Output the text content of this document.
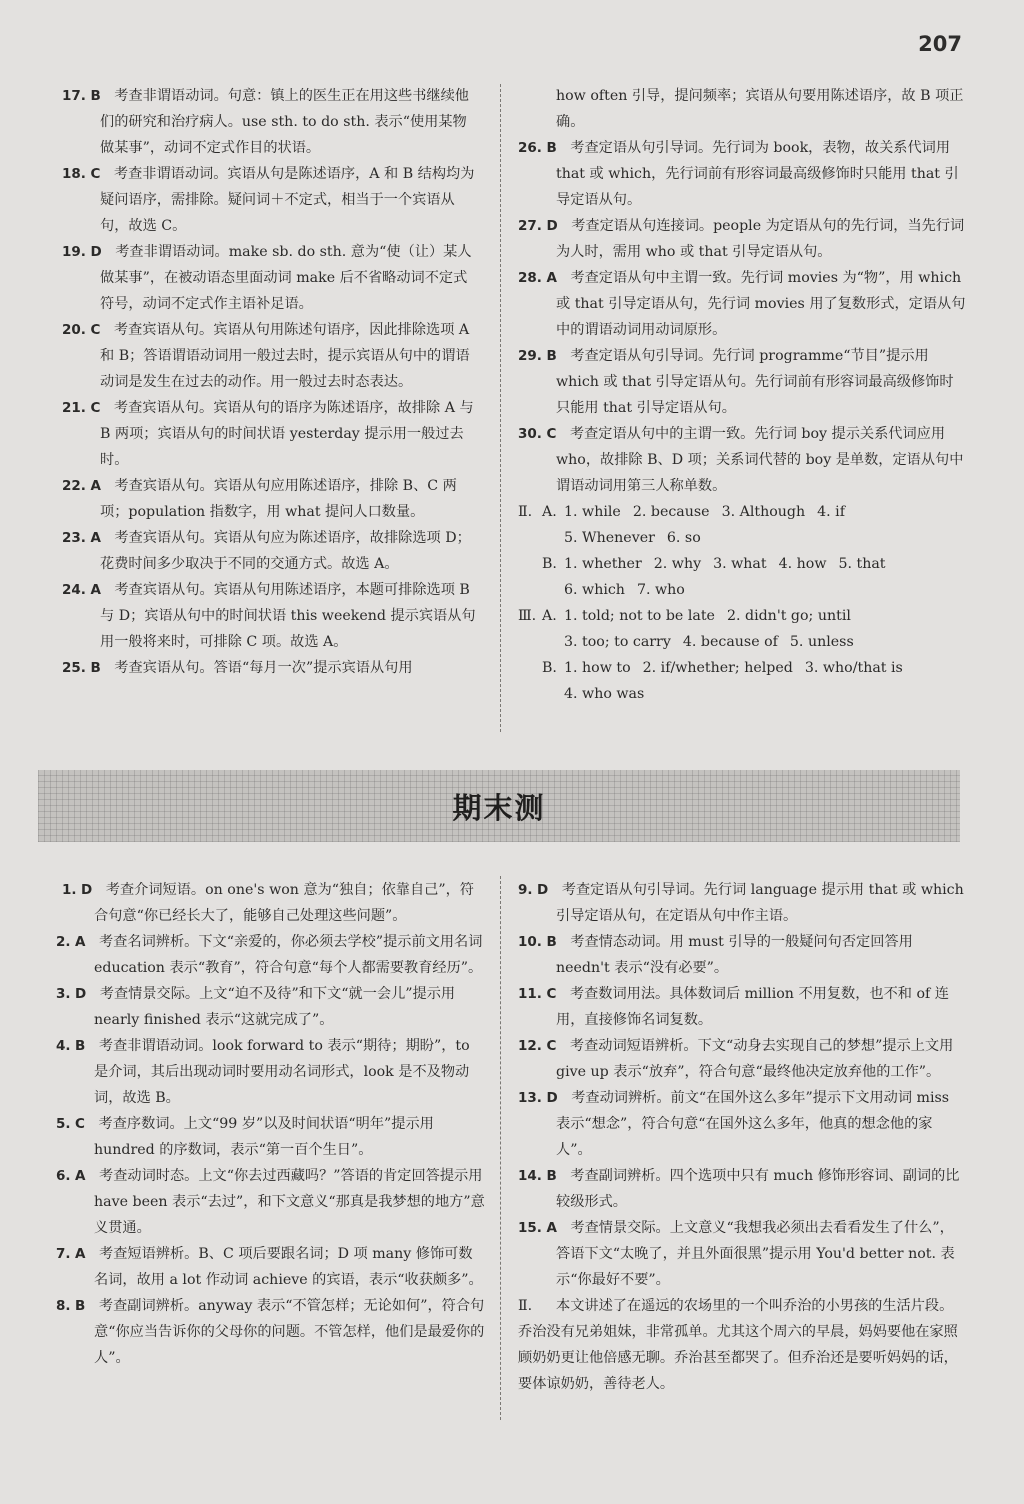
207

17. B 考查非谓语动词。句意：镇上的医生正在用这些书继续他们的研究和治疗病人。use sth. to do sth. 表示“使用某物做某事”，动词不定式作目的状语。

18. C 考查非谓语动词。宾语从句是陈述语序，A 和 B 结构均为疑问语序，需排除。疑问词＋不定式，相当于一个宾语从句，故选 C。

19. D 考查非谓语动词。make sb. do sth. 意为“使（让）某人做某事”，在被动语态里面动词 make 后不省略动词不定式符号，动词不定式作主语补足语。

20. C 考查宾语从句。宾语从句用陈述句语序，因此排除选项 A 和 B；答语谓语动词用一般过去时，提示宾语从句中的谓语动词是发生在过去的动作。用一般过去时态表达。

21. C 考查宾语从句。宾语从句的语序为陈述语序，故排除 A 与 B 两项；宾语从句的时间状语 yesterday 提示用一般过去时。

22. A 考查宾语从句。宾语从句应用陈述语序，排除 B、C 两项；population 指数字，用 what 提问人口数量。

23. A 考查宾语从句。宾语从句应为陈述语序，故排除选项 D；花费时间多少取决于不同的交通方式。故选 A。

24. A 考查宾语从句。宾语从句用陈述语序，本题可排除选项 B 与 D；宾语从句中的时间状语 this weekend 提示宾语从句用一般将来时，可排除 C 项。故选 A。

25. B 考查宾语从句。答语“每月一次”提示宾语从句用

how often 引导，提问频率；宾语从句要用陈述语序，故 B 项正确。

26. B 考查定语从句引导词。先行词为 book，表物，故关系代词用 that 或 which，先行词前有形容词最高级修饰时只能用 that 引导定语从句。

27. D 考查定语从句连接词。people 为定语从句的先行词，当先行词为人时，需用 who 或 that 引导定语从句。

28. A 考查定语从句中主谓一致。先行词 movies 为“物”，用 which 或 that 引导定语从句，先行词 movies 用了复数形式，定语从句中的谓语动词用动词原形。

29. B 考查定语从句引导词。先行词 programme“节目”提示用 which 或 that 引导定语从句。先行词前有形容词最高级修饰时只能用 that 引导定语从句。

30. C 考查定语从句中的主谓一致。先行词 boy 提示关系代词应用 who，故排除 B、D 项；关系词代替的 boy 是单数，定语从句中谓语动词用第三人称单数。

Ⅱ. A. 1. while 2. because 3. Although 4. if

5. Whenever 6. so

B. 1. whether 2. why 3. what 4. how 5. that

6. which 7. who

Ⅲ. A. 1. told; not to be late 2. didn't go; until

3. too; to carry 4. because of 5. unless

B. 1. how to 2. if/whether; helped 3. who/that is

4. who was

期末测

1. D 考查介词短语。on one's won 意为“独自；依靠自己”，符合句意“你已经长大了，能够自己处理这些问题”。

2. A 考查名词辨析。下文“亲爱的，你必须去学校”提示前文用名词 education 表示“教育”，符合句意“每个人都需要教育经历”。

3. D 考查情景交际。上文“迫不及待”和下文“就一会儿”提示用 nearly finished 表示“这就完成了”。

4. B 考查非谓语动词。look forward to 表示“期待；期盼”，to 是介词，其后出现动词时要用动名词形式，look 是不及物动词，故选 B。

5. C 考查序数词。上文“99 岁”以及时间状语“明年”提示用 hundred 的序数词，表示“第一百个生日”。

6. A 考查动词时态。上文“你去过西藏吗？”答语的肯定回答提示用 have been 表示“去过”，和下文意义“那真是我梦想的地方”意义贯通。

7. A 考查短语辨析。B、C 项后要跟名词；D 项 many 修饰可数名词，故用 a lot 作动词 achieve 的宾语，表示“收获颇多”。

8. B 考查副词辨析。anyway 表示“不管怎样；无论如何”，符合句意“你应当告诉你的父母你的问题。不管怎样，他们是最爱你的人”。

9. D 考查定语从句引导词。先行词 language 提示用 that 或 which 引导定语从句，在定语从句中作主语。

10. B 考查情态动词。用 must 引导的一般疑问句否定回答用 needn't 表示“没有必要”。

11. C 考查数词用法。具体数词后 million 不用复数，也不和 of 连用，直接修饰名词复数。

12. C 考查动词短语辨析。下文“动身去实现自己的梦想”提示上文用 give up 表示“放弃”，符合句意“最终他决定放弃他的工作”。

13. D 考查动词辨析。前文“在国外这么多年”提示下文用动词 miss 表示“想念”，符合句意“在国外这么多年，他真的想念他的家人”。

14. B 考查副词辨析。四个选项中只有 much 修饰形容词、副词的比较级形式。

15. A 考查情景交际。上文意义“我想我必须出去看看发生了什么”，答语下文“太晚了，并且外面很黑”提示用 You'd better not. 表示“你最好不要”。

Ⅱ. 本文讲述了在遥远的农场里的一个叫乔治的小男孩的生活片段。乔治没有兄弟姐妹，非常孤单。尤其这个周六的早晨，妈妈要他在家照顾奶奶更让他倍感无聊。乔治甚至都哭了。但乔治还是要听妈妈的话，要体谅奶奶，善待老人。
